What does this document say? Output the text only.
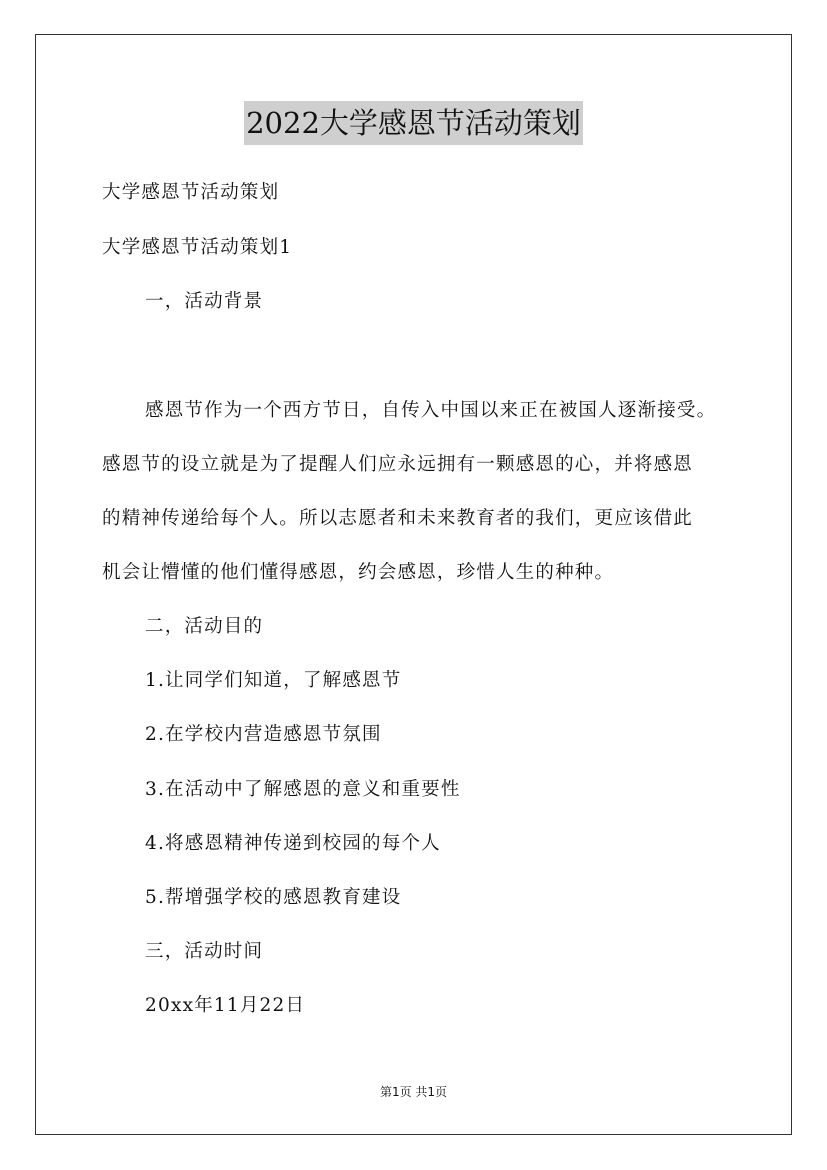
2022大学感恩节活动策划
大学感恩节活动策划
大学感恩节活动策划1
一，活动背景
感恩节作为一个西方节日，自传入中国以来正在被国人逐渐接受。
感恩节的设立就是为了提醒人们应永远拥有一颗感恩的心，并将感恩
的精神传递给每个人。所以志愿者和未来教育者的我们，更应该借此
机会让懵懂的他们懂得感恩，约会感恩，珍惜人生的种种。
二，活动目的
1.让同学们知道，了解感恩节
2.在学校内营造感恩节氛围
3.在活动中了解感恩的意义和重要性
4.将感恩精神传递到校园的每个人
5.帮增强学校的感恩教育建设
三，活动时间
20xx年11月22日
第1页 共1页
